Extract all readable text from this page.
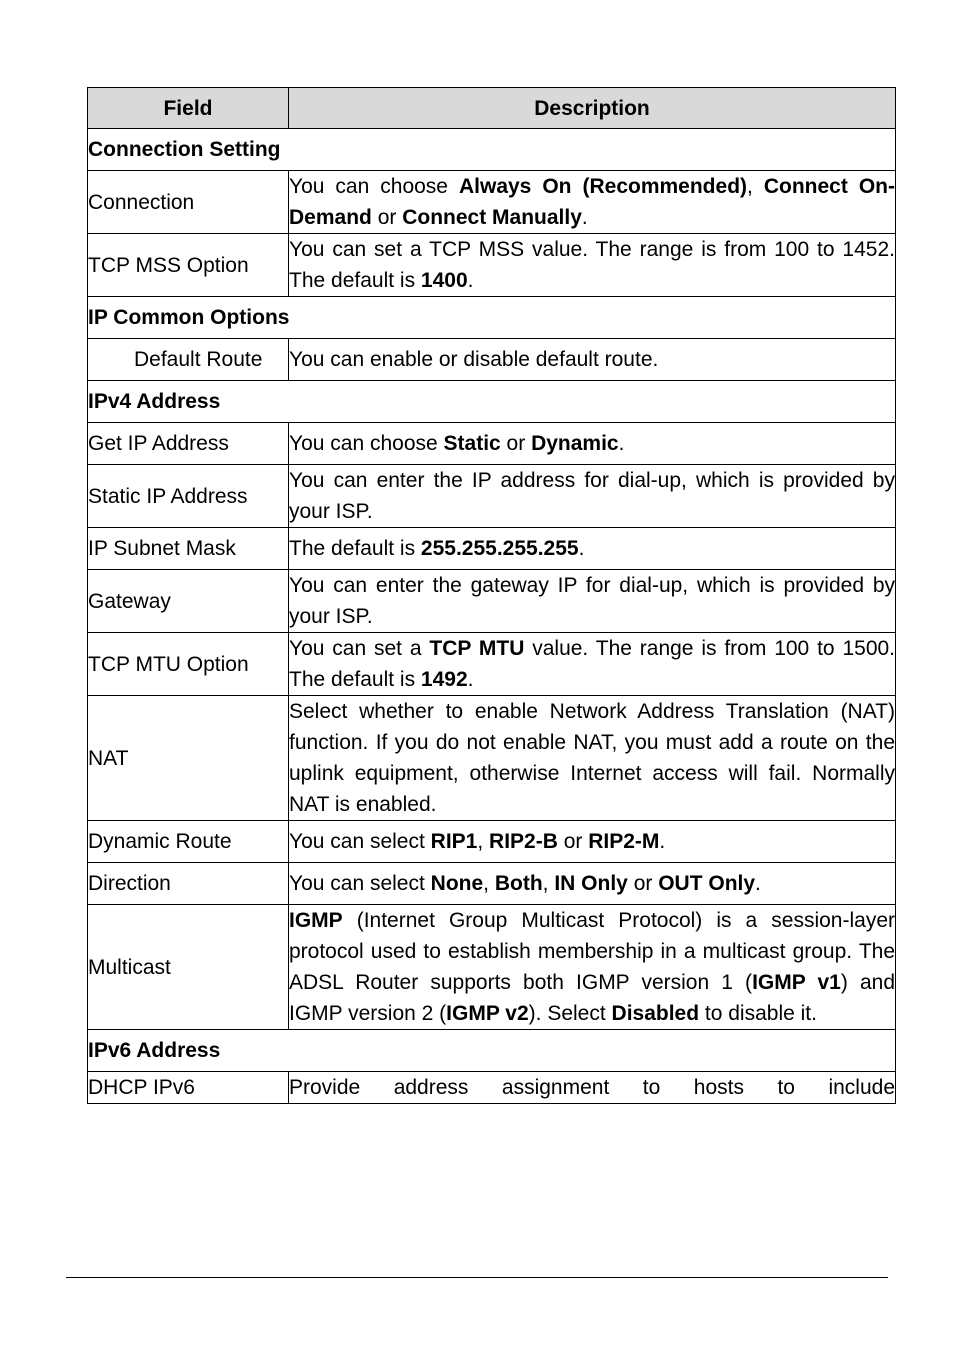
Field	Description
Connection Setting	
Connection	You can choose Always On (Recommended), Connect On-Demand or Connect Manually.
TCP MSS Option	You can set a TCP MSS value. The range is from 100 to 1452. The default is 1400.
IP Common Options	
Default Route	You can enable or disable default route.
IPv4 Address	
Get IP Address	You can choose Static or Dynamic.
Static IP Address	You can enter the IP address for dial-up, which is provided by your ISP.
IP Subnet Mask	The default is 255.255.255.255.
Gateway	You can enter the gateway IP for dial-up, which is provided by your ISP.
TCP MTU Option	You can set a TCP MTU value. The range is from 100 to 1500. The default is 1492.
NAT	Select whether to enable Network Address Translation (NAT) function. If you do not enable NAT, you must add a route on the uplink equipment, otherwise Internet access will fail. Normally NAT is enabled.
Dynamic Route	You can select RIP1, RIP2-B or RIP2-M.
Direction	You can select None, Both, IN Only or OUT Only.
Multicast	IGMP (Internet Group Multicast Protocol) is a session-layer protocol used to establish membership in a multicast group. The ADSL Router supports both IGMP version 1 (IGMP v1) and IGMP version 2 (IGMP v2). Select Disabled to disable it.
IPv6 Address	
DHCP IPv6	Provide address assignment to hosts to include
